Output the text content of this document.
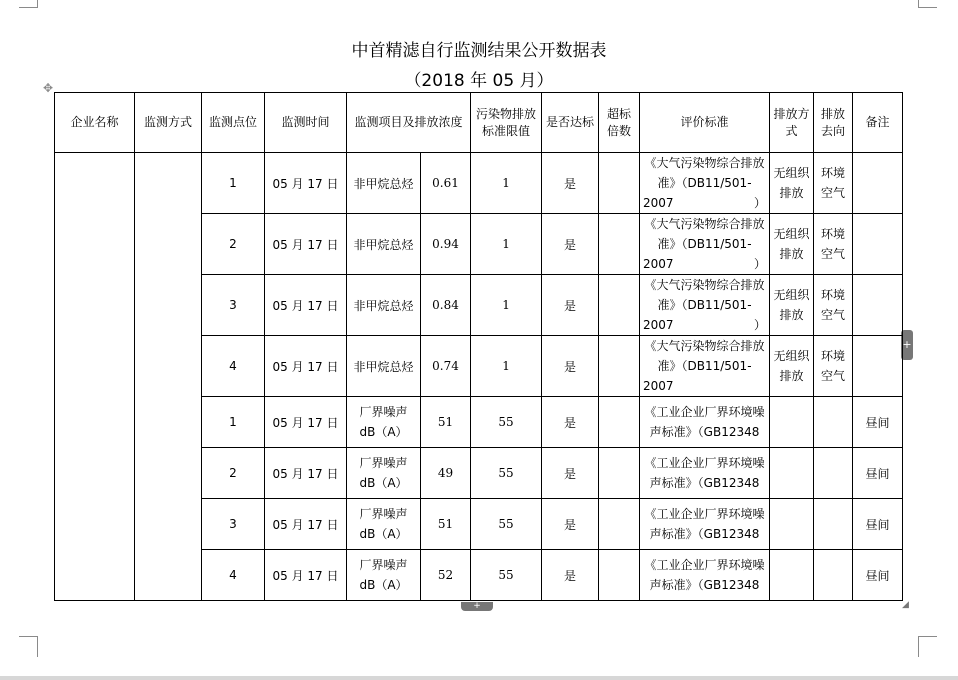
中首精滤自行监测结果公开数据表
（2018 年 05 月）
✥
+
+	◢
企业名称	监测方式	监测点位	监测时间	监测项目及排放浓度		污染物排放标准限值	是否达标	超标倍数	评价标准	排放方式	排放去向	备注
		1	05 月 17 日	非甲烷总烃	0.61	1	是		《大气污染物综合排放准》（DB11/501-2007）	无组织排放	环境空气	
		2	05 月 17 日	非甲烷总烃	0.94	1	是		《大气污染物综合排放准》（DB11/501-2007）	无组织排放	环境空气	
		3	05 月 17 日	非甲烷总烃	0.84	1	是		《大气污染物综合排放准》（DB11/501-2007）	无组织排放	环境空气	
		4	05 月 17 日	非甲烷总烃	0.74	1	是		《大气污染物综合排放准》（DB11/501-2007	无组织排放	环境空气	
		1	05 月 17 日	厂界噪声 dB（A）	51	55	是		《工业企业厂界环境噪声标准》（GB12348			昼间
		2	05 月 17 日	厂界噪声 dB（A）	49	55	是		《工业企业厂界环境噪声标准》（GB12348			昼间
		3	05 月 17 日	厂界噪声 dB（A）	51	55	是		《工业企业厂界环境噪声标准》（GB12348			昼间
		4	05 月 17 日	厂界噪声 dB（A）	52	55	是		《工业企业厂界环境噪声标准》（GB12348			昼间
